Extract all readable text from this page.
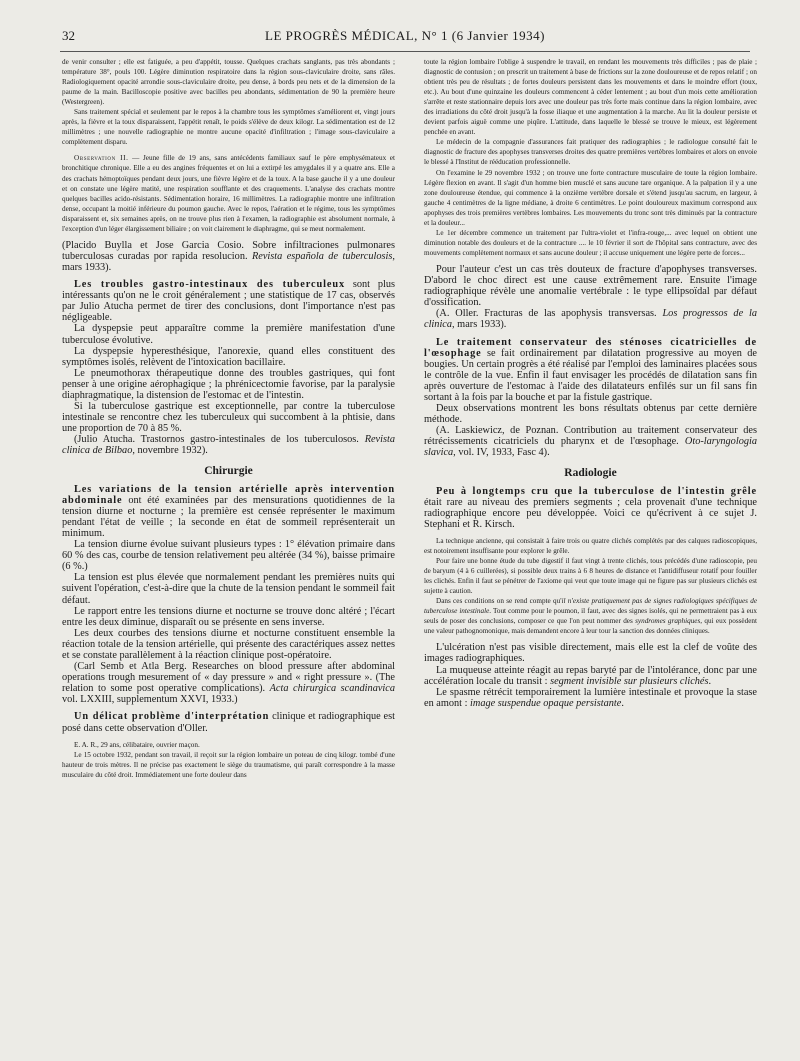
32	LE PROGRÈS MÉDICAL, N° 1 (6 Janvier 1934)

de venir consulter ; elle est fatiguée, a peu d'appétit, tousse. Quelques crachats sanglants, pas très abondants ; température 38°, pouls 100. Légère diminution respiratoire dans la région sous-claviculaire droite, sans râles. Radiologiquement opacité arrondie sous-claviculaire droite, peu dense, à bords peu nets et de la dimension de la paume de la main. Bacilloscopie positive avec bacilles peu abondants, sédimentation de 90 la première heure (Westergreen).

Sans traitement spécial et seulement par le repos à la chambre tous les symptômes s'améliorent et, vingt jours après, la fièvre et la toux disparaissent, l'appétit renaît, le poids s'élève de deux kilogr. La sédimentation est de 12 millimètres ; une nouvelle radiographie ne montre aucune opacité d'infiltration ; l'image sous-claviculaire a complètement disparu.

Observation II. — Jeune fille de 19 ans, sans antécédents familiaux sauf le père emphysémateux et bronchitique chronique. Elle a eu des angines fréquentes et on lui a extirpé les amygdales il y a quatre ans. Elle a des crachats hémoptoïques pendant deux jours, une fièvre légère et de la toux. A la base gauche il y a une douleur et on constate une légère matité, une respiration soufflante et des craquements. L'analyse des crachats montre quelques bacilles acido-résistants. Sédimentation horaire, 16 millimètres. La radiographie montre une infiltration dense, occupant la moitié inférieure du poumon gauche. Avec le repos, l'aération et le régime, tous les symptômes disparaissent et, six semaines après, on ne trouve plus rien à l'examen, la radiographie est absolument normale, à l'exception d'un léger élargissement biliaire ; on voit clairement le diaphragme, qui se meut normalement.

(Placido Buylla et Jose Garcia Cosio. Sobre infiltraciones pulmonares tuberculosas curadas por rapida resolucion. Revista española de tuberculosis, mars 1933).

Les troubles gastro-intestinaux des tuberculeux sont plus intéressants qu'on ne le croit généralement ; une statistique de 17 cas, observés par Julio Atucha permet de tirer des conclusions, dont l'importance n'est pas négligeable.

La dyspepsie peut apparaître comme la première manifestation d'une tuberculose évolutive.

La dyspepsie hyperesthésique, l'anorexie, quand elles constituent des symptômes isolés, relèvent de l'intoxication bacillaire.

Le pneumothorax thérapeutique donne des troubles gastriques, qui font penser à une origine aérophagique ; la phrénicectomie favorise, par la paralysie diaphragmatique, la distension de l'estomac et de l'intestin.

Si la tuberculose gastrique est exceptionnelle, par contre la tuberculose intestinale se rencontre chez les tuberculeux qui succombent à la phtisie, dans une proportion de 70 à 85 %.

(Julio Atucha. Trastornos gastro-intestinales de los tuberculosos. Revista clinica de Bilbao, novembre 1932).

Chirurgie

Les variations de la tension artérielle après intervention abdominale ont été examinées par des mensurations quotidiennes de la tension diurne et nocturne ; la première est censée représenter le maximum pendant l'état de veille ; la seconde en état de sommeil représenterait un minimum.

La tension diurne évolue suivant plusieurs types : 1° élévation primaire dans 60 % des cas, courbe de tension relativement peu altérée (34 %), baisse primaire (6 %.)

La tension est plus élevée que normalement pendant les premières nuits qui suivent l'opération, c'est-à-dire que la chute de la tension pendant le sommeil fait défaut.

Le rapport entre les tensions diurne et nocturne se trouve donc altéré ; l'écart entre les deux diminue, disparaît ou se présente en sens inverse.

Les deux courbes des tensions diurne et nocturne constituent ensemble la réaction totale de la tension artérielle, qui présente des caractériques assez nettes et se constate parallèlement à la réaction clinique post-opératoire.

(Carl Semb et Atla Berg. Researches on blood pressure after abdominal operations trough mesurement of « day pressure » and « right pressure ». (The relation to some post operative complications). Acta chirurgica scandinavica vol. LXXIII, supplementum XXVI, 1933.)

Un délicat problème d'interprétation clinique et radiographique est posé dans cette observation d'Oller.

E. A. R., 29 ans, célibataire, ouvrier maçon.

Le 15 octobre 1932, pendant son travail, il reçoit sur la région lombaire un poteau de cinq kilogr. tombé d'une hauteur de trois mètres. Il ne précise pas exactement le siège du traumatisme, qui paraît correspondre à la masse musculaire du côté droit. Immédiatement une forte douleur dans

toute la région lombaire l'oblige à suspendre le travail, en rendant les mouvements très difficiles ; pas de plaie ; diagnostic de contusion ; on prescrit un traitement à base de frictions sur la zone douloureuse et de repos relatif ; on obtient très peu de résultats ; de fortes douleurs persistent dans les mouvements et dans le moindre effort (toux, etc.). Au bout d'une quinzaine les douleurs commencent à céder lentement ; au bout d'un mois cette amélioration s'arrête et reste stationnaire depuis lors avec une douleur pas très forte mais continue dans la région lombaire, avec des irradiations du côté droit jusqu'à la fosse iliaque et une augmentation à la marche. Au lit la douleur persiste et devient parfois aiguë comme une piqûre. L'attitude, dans laquelle le blessé se trouve le mieux, est légèrement penchée en avant.

Le médecin de la compagnie d'assurances fait pratiquer des radiographies ; le radiologue consulté fait le diagnostic de fracture des apophyses transverses droites des quatre premières vertèbres lombaires et alors on envoie le blessé à l'Institut de rééducation professionnelle.

On l'examine le 29 novembre 1932 ; on trouve une forte contracture musculaire de toute la région lombaire. Légère flexion en avant. Il s'agit d'un homme bien musclé et sans aucune tare organique. A la palpation il y a une zone douloureuse étendue, qui commence à la onzième vertèbre dorsale et s'étend jusqu'au sacrum, en largeur, à gauche 4 centimètres de la ligne médiane, à droite 6 centimètres. Le point douloureux maximum correspond aux apophyses des trois premières vertèbres lombaires. Les mouvements du tronc sont très diminués par la contracture et la douleur...

Le 1er décembre commence un traitement par l'ultra-violet et l'infra-rouge,... avec lequel on obtient une diminution notable des douleurs et de la contracture .... le 10 février il sort de l'hôpital sans contracture, avec des mouvements complètement normaux et sans aucune douleur ; il accuse uniquement une légère perte de forces...

Pour l'auteur c'est un cas très douteux de fracture d'apophyses transverses. D'abord le choc direct est une cause extrêmement rare. Ensuite l'image radiographique révèle une anomalie vertébrale : le type ellipsoïdal par défaut d'ossification.

(A. Oller. Fracturas de las apophysis transversas. Los progressos de la clinica, mars 1933).

Le traitement conservateur des sténoses cicatricielles de l'œsophage se fait ordinairement par dilatation progressive au moyen de bougies. Un certain progrès a été réalisé par l'emploi des laminaires placées sous le contrôle de la vue. Enfin il faut envisager les procédés de dilatation sans fin après ouverture de l'estomac à l'aide des dilatateurs enfilés sur un fil sans fin sortant à la fois par la bouche et par la fistule gastrique.

Deux observations montrent les bons résultats obtenus par cette dernière méthode.

(A. Laskiewicz, de Poznan. Contribution au traitement conservateur des rétrécissements cicatriciels du pharynx et de l'œsophage. Oto-laryngologia slavica, vol. IV, 1933, Fasc 4).

Radiologie

Peu à longtemps cru que la tuberculose de l'intestin grêle était rare au niveau des premiers segments ; cela provenait d'une technique radiographique encore peu développée. Voici ce qu'écrivent à ce sujet J. Stephani et R. Kirsch.

La technique ancienne, qui consistait à faire trois ou quatre clichés complétés par des calques radioscopiques, est notoirement insuffisante pour explorer le grêle.

Pour faire une bonne étude du tube digestif il faut vingt à trente clichés, tous précédés d'une radioscopie, peu de baryum (4 à 6 cuillerées), si possible deux trains à 6 8 heures de distance et l'antidiffuseur rotatif pour fouiller les clichés. Enfin il faut se pénétrer de l'axiome qui veut que toute image qui ne figure pas sur plusieurs clichés est sujette à caution.

Dans ces conditions on se rend compte qu'il n'existe pratiquement pas de signes radiologiques spécifiques de tuberculose intestinale. Tout comme pour le poumon, il faut, avec des signes isolés, qui ne permettraient pas à eux seuls de poser des conclusions, composer ce que l'on peut nommer des syndromes graphiques, qui eux possèdent une valeur pathognomonique, mais demandent encore à leur tour la sanction des données cliniques.

L'ulcération n'est pas visible directement, mais elle est la clef de voûte des images radiographiques.

La muqueuse atteinte réagit au repas baryté par de l'intolérance, donc par une accélération locale du transit : segment invisible sur plusieurs clichés.

Le spasme rétrécit temporairement la lumière intestinale et provoque la stase en amont : image suspendue opaque persistante.
